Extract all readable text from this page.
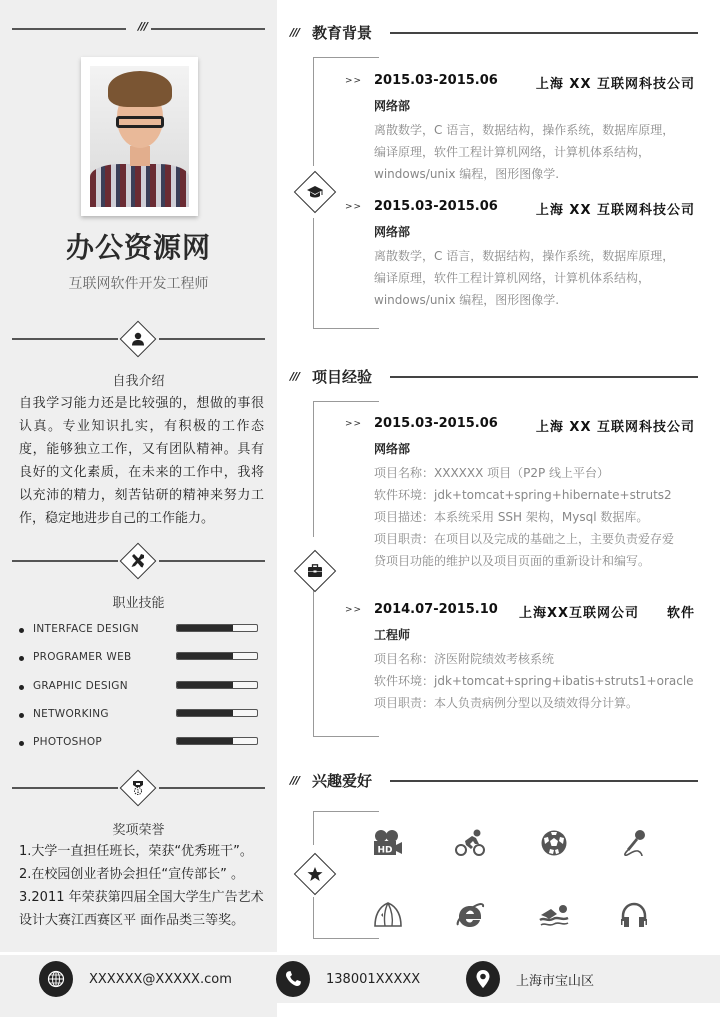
///
办公资源网
互联网软件开发工程师
自我介绍
自我学习能力还是比较强的，想做的事很认真。专业知识扎实，有积极的工作态度，能够独立工作，又有团队精神。具有良好的文化素质，在未来的工作中，我将以充沛的精力，刻苦钻研的精神来努力工作，稳定地进步自己的工作能力。
职业技能
INTERFACE DESIGN
PROGRAMER WEB
GRAPHIC DESIGN
NETWORKING
PHOTOSHOP
1
奖项荣誉
1.大学一直担任班长，荣获“优秀班干”。
2.在校园创业者协会担任“宣传部长” 。
3.2011 年荣获第四届全国大学生广告艺术设计大赛江西赛区平 面作品类三等奖。
/// 教育背景
>> 2015.03-2015.06	上海 XX 互联网科技公司
网络部
离散数学，C 语言，数据结构，操作系统，数据库原理，
编译原理，软件工程计算机网络，计算机体系结构，
windows/unix 编程，图形图像学.
>> 2015.03-2015.06	上海 XX 互联网科技公司
网络部
离散数学，C 语言，数据结构，操作系统，数据库原理，
编译原理，软件工程计算机网络，计算机体系结构，
windows/unix 编程，图形图像学.
/// 项目经验
>> 2015.03-2015.06	上海 XX 互联网科技公司
网络部
项目名称：XXXXXX 项目（P2P 线上平台）
软件环境：jdk+tomcat+spring+hibernate+struts2
项目描述：本系统采用 SSH 架构，Mysql 数据库。
项目职责：在项目以及完成的基础之上，主要负责爱存爱
贷项目功能的维护以及项目页面的重新设计和编写。
>> 2014.07-2015.10 上海XX互联网公司　　软件
工程师
项目名称：济医附院绩效考核系统
软件环境：jdk+tomcat+spring+ibatis+struts1+oracle
项目职责：本人负责病例分型以及绩效得分计算。
/// 兴趣爱好
HD
XXXXXX@XXXXX.com	138001XXXXX	上海市宝山区
